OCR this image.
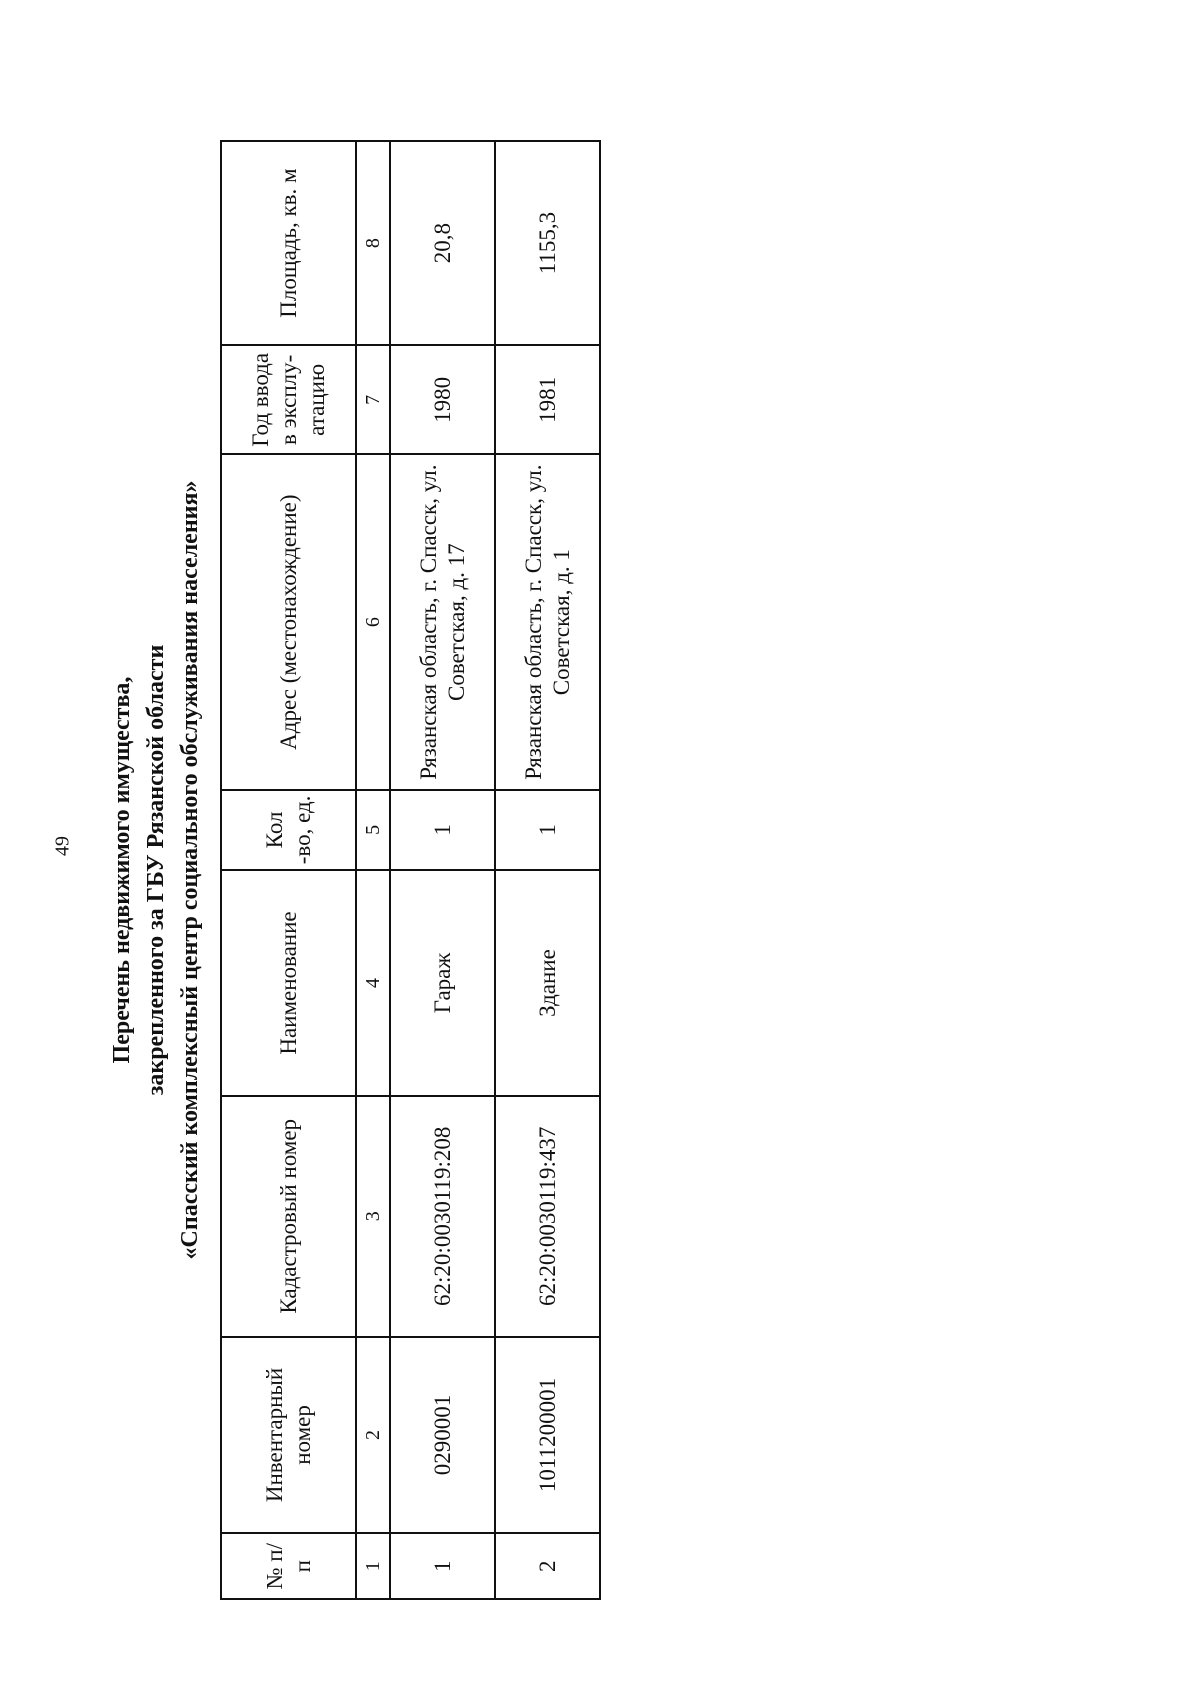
49 Перечень недвижимого имущества, закрепленного за ГБУ Рязанской области «Спасский комплексный центр социального обслуживания населения»
№ п/п	Инвентарный номер	Кадастровый номер	Наименование	Кол -во, ед.	Адрес (местонахождение)	Год ввода в эксплу- атацию	Площадь, кв. м
1	2	3	4	5	6	7	8
1	0290001	62:20:0030119:208	Гараж	1	Рязанская область, г. Спасск, ул. Советская, д. 17	1980	20,8
2	1011200001	62:20:0030119:437	Здание	1	Рязанская область, г. Спасск, ул. Советская, д. 1	1981	1155,3
